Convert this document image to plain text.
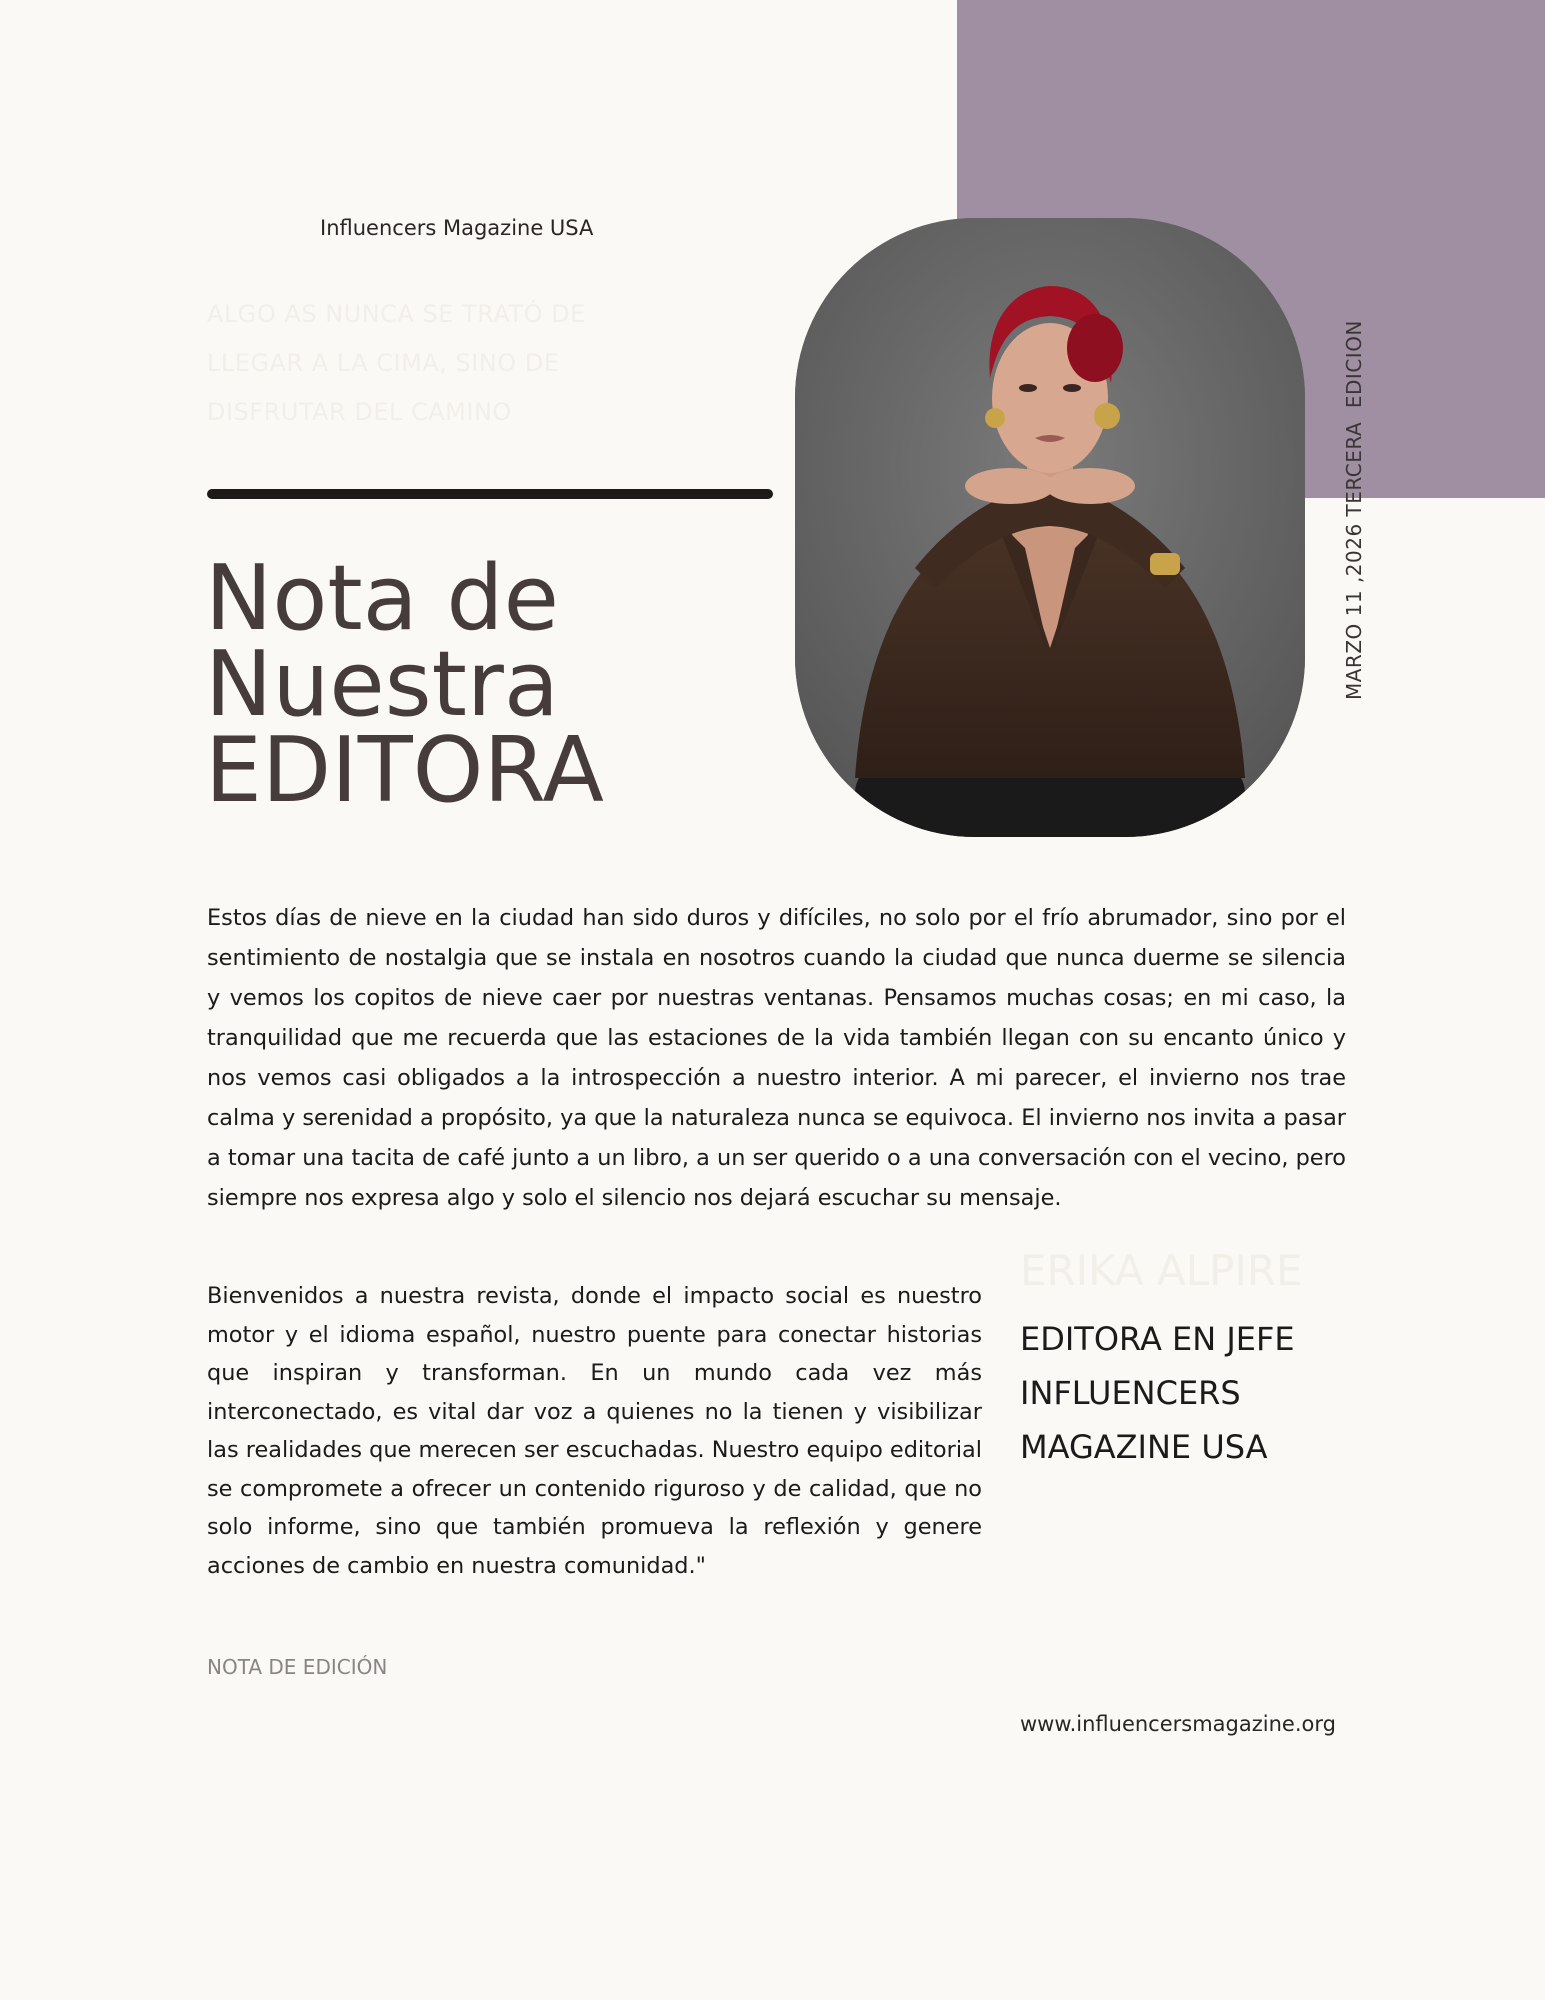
Influencers Magazine USA
ALGO AS NUNCA SE TRATÓ DE LLEGAR A LA CIMA, SINO DE DISFRUTAR DEL CAMINO
Nota de
Nuestra
EDITORA
MARZO 11 ,2026 TERCERA  EDICION

Estos días de nieve en la ciudad han sido duros y difíciles, no solo por el frío abrumador, sino por el sentimiento de nostalgia que se instala en nosotros cuando la ciudad que nunca duerme se silencia y vemos los copitos de nieve caer por nuestras ventanas. Pensamos muchas cosas; en mi caso, la tranquilidad que me recuerda que las estaciones de la vida también llegan con su encanto único y nos vemos casi obligados a la introspección a nuestro interior. A mi parecer, el invierno nos trae calma y serenidad a propósito, ya que la naturaleza nunca se equivoca. El invierno nos invita a pasar a tomar una tacita de café junto a un libro, a un ser querido o a una conversación con el vecino, pero siempre nos expresa algo y solo el silencio nos dejará escuchar su mensaje.

Bienvenidos a nuestra revista, donde el impacto social es nuestro motor y el idioma español, nuestro puente para conectar historias que inspiran y transforman. En un mundo cada vez más interconectado, es vital dar voz a quienes no la tienen y visibilizar las realidades que merecen ser escuchadas. Nuestro equipo editorial se compromete a ofrecer un contenido riguroso y de calidad, que no solo informe, sino que también promueva la reflexión y genere acciones de cambio en nuestra comunidad."

ERIKA ALPIRE
EDITORA EN JEFE
INFLUENCERS
MAGAZINE USA
NOTA DE EDICIÓN
www.influencersmagazine.org
